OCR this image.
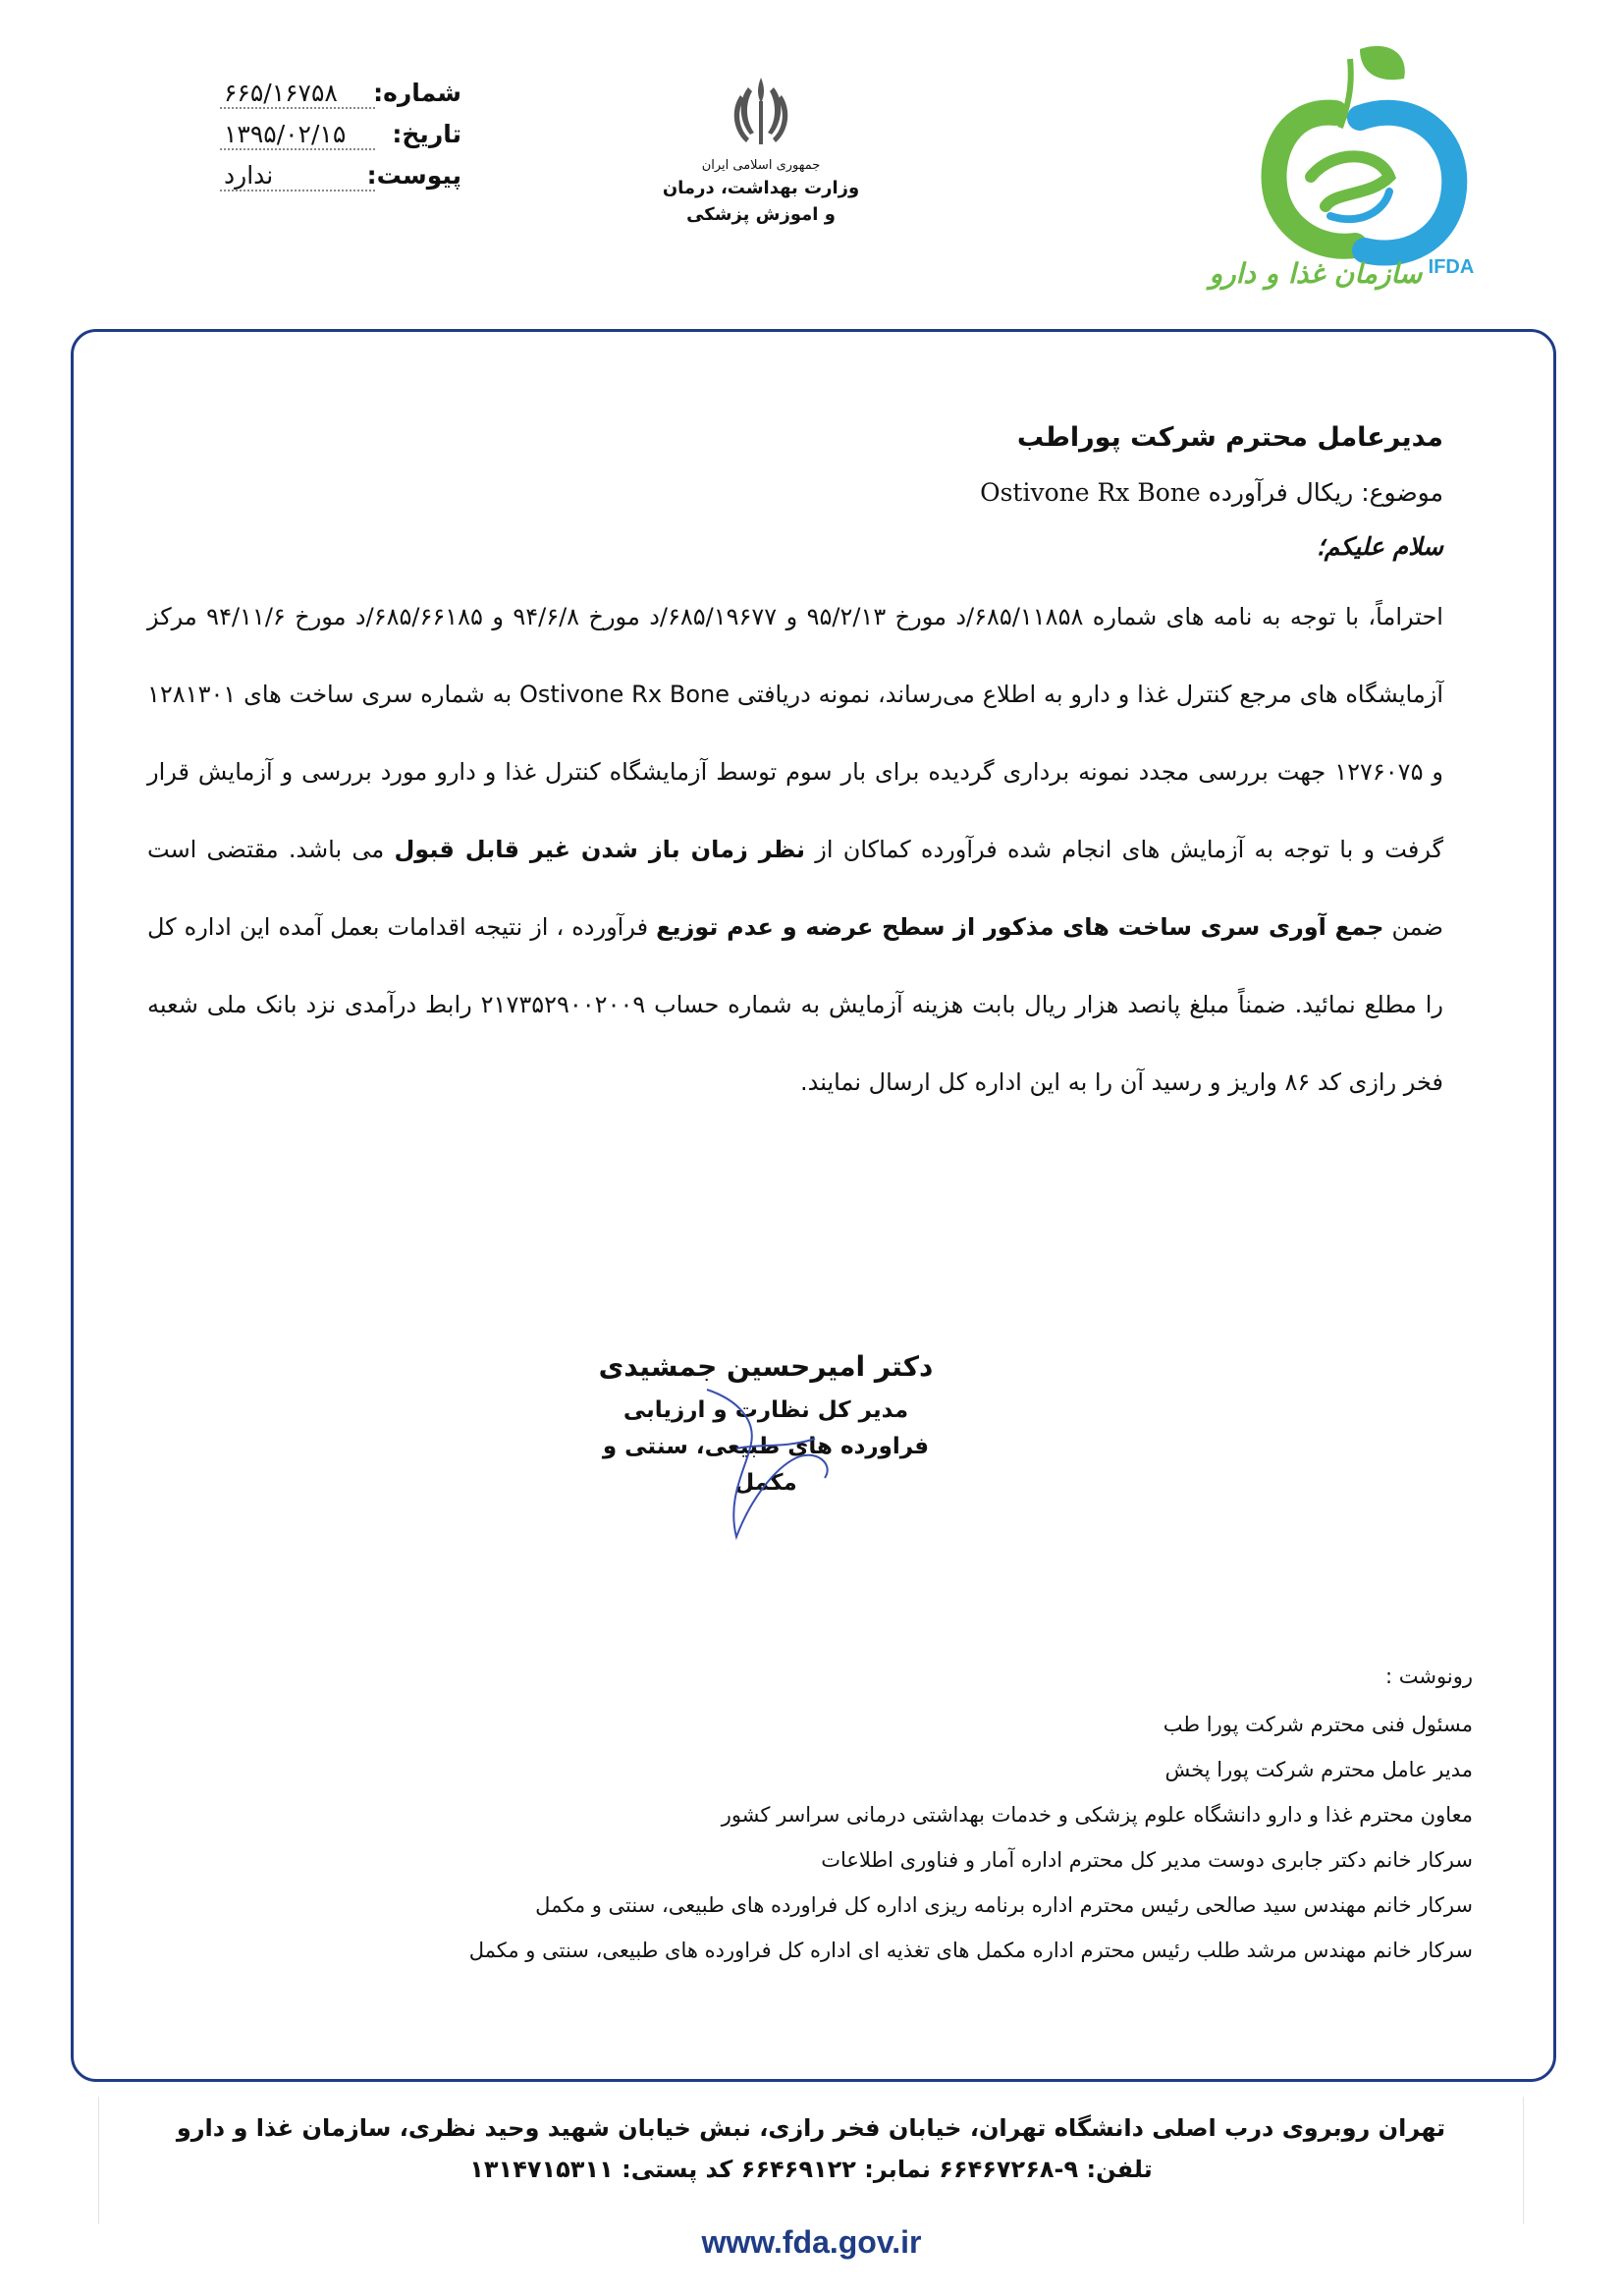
شماره:
۶۶۵/۱۶۷۵۸
تاریخ:
۱۳۹۵/۰۲/۱۵
پیوست:
ندارد	جمهوری اسلامی ایران
وزارت بهداشت، درمان
و اموزش پزشکی
سازمان غذا و دارو IFDA
مدیرعامل محترم شرکت پوراطب
موضوع: ریکال فرآورده Ostivone Rx Bone
سلام علیکم؛
احتراماً، با توجه به نامه های شماره ۶۸۵/۱۱۸۵۸/د مورخ ۹۵/۲/۱۳ و ۶۸۵/۱۹۶۷۷/د مورخ ۹۴/۶/۸ و ۶۸۵/۶۶۱۸۵/د مورخ ۹۴/۱۱/۶ مرکز آزمایشگاه های مرجع کنترل غذا و دارو به اطلاع می‌رساند، نمونه دریافتی Ostivone Rx Bone به شماره سری ساخت های ۱۲۸۱۳۰۱ و ۱۲۷۶۰۷۵ جهت بررسی مجدد نمونه برداری گردیده برای بار سوم توسط آزمایشگاه کنترل غذا و دارو مورد بررسی و آزمایش قرار گرفت و با توجه به آزمایش های انجام شده فرآورده کماکان از نظر زمان باز شدن غیر قابل قبول می باشد. مقتضی است ضمن جمع آوری سری ساخت های مذکور از سطح عرضه و عدم توزیع فرآورده ، از نتیجه اقدامات بعمل آمده این اداره کل را مطلع نمائید. ضمناً مبلغ پانصد هزار ریال بابت هزینه آزمایش به شماره حساب ۲۱۷۳۵۲۹۰۰۲۰۰۹ رابط درآمدی نزد بانک ملی شعبه فخر رازی کد ۸۶ واریز و رسید آن را به این اداره کل ارسال نمایند.
دکتر امیرحسین جمشیدی
مدیر کل نظارت و ارزیابی
فراورده های طبیعی، سنتی و مکمل
رونوشت :
مسئول فنی محترم شرکت پورا طب
مدیر عامل محترم شرکت پورا پخش
معاون محترم غذا و دارو دانشگاه علوم پزشکی و خدمات بهداشتی درمانی سراسر کشور
سرکار خانم دکتر جابری دوست مدیر کل محترم اداره آمار و فناوری اطلاعات
سرکار خانم مهندس سید صالحی رئیس محترم اداره برنامه ریزی اداره کل فراورده های طبیعی، سنتی و مکمل
سرکار خانم مهندس مرشد طلب رئیس محترم اداره مکمل های تغذیه ای اداره کل فراورده های طبیعی، سنتی و مکمل
تهران روبروی درب اصلی دانشگاه تهران، خیابان فخر رازی، نبش خیابان شهید وحید نظری، سازمان غذا و دارو
تلفن: ۹-۶۶۴۶۷۲۶۸ نمابر: ۶۶۴۶۹۱۲۲ کد پستی: ۱۳۱۴۷۱۵۳۱۱
www.fda.gov.ir
